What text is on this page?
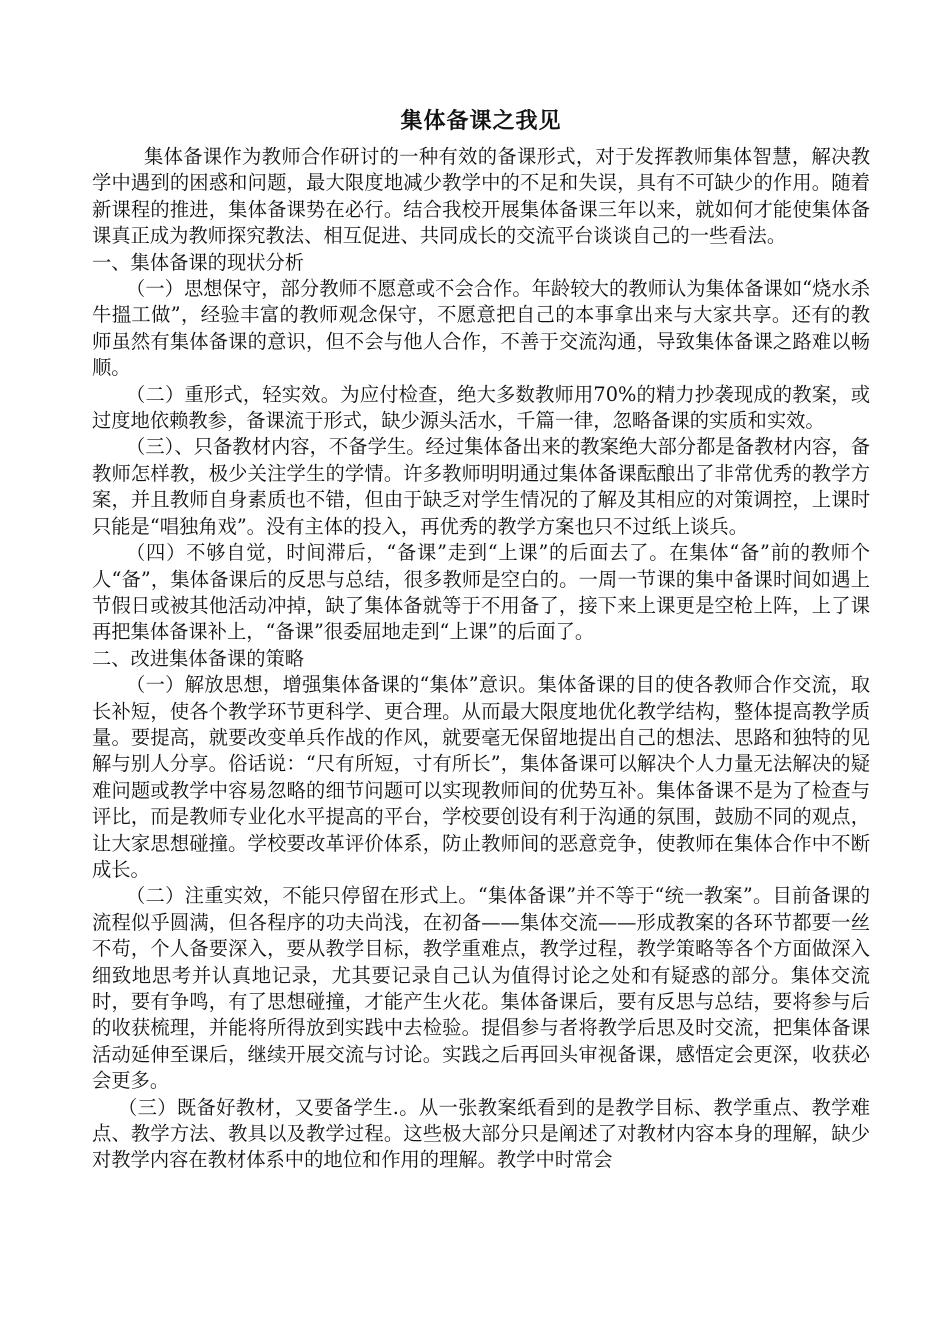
集体备课之我见

集体备课作为教师合作研讨的一种有效的备课形式，对于发挥教师集体智慧，解决教学中遇到的困惑和问题，最大限度地减少教学中的不足和失误，具有不可缺少的作用。随着新课程的推进，集体备课势在必行。结合我校开展集体备课三年以来，就如何才能使集体备课真正成为教师探究教法、相互促进、共同成长的交流平台谈谈自己的一些看法。

一、集体备课的现状分析

（一）思想保守，部分教师不愿意或不会合作。年龄较大的教师认为集体备课如“烧水杀牛搵工做”，经验丰富的教师观念保守，不愿意把自己的本事拿出来与大家共享。还有的教师虽然有集体备课的意识，但不会与他人合作，不善于交流沟通，导致集体备课之路难以畅顺。

（二）重形式，轻实效。为应付检查，绝大多数教师用70%的精力抄袭现成的教案，或过度地依赖教参，备课流于形式，缺少源头活水，千篇一律，忽略备课的实质和实效。

（三）、只备教材内容，不备学生。经过集体备出来的教案绝大部分都是备教材内容，备教师怎样教，极少关注学生的学情。许多教师明明通过集体备课酝酿出了非常优秀的教学方案，并且教师自身素质也不错，但由于缺乏对学生情况的了解及其相应的对策调控，上课时只能是“唱独角戏”。没有主体的投入，再优秀的教学方案也只不过纸上谈兵。

（四）不够自觉，时间滞后，“备课”走到“上课”的后面去了。在集体“备”前的教师个人“备”，集体备课后的反思与总结，很多教师是空白的。一周一节课的集中备课时间如遇上节假日或被其他活动冲掉，缺了集体备就等于不用备了，接下来上课更是空枪上阵，上了课再把集体备课补上，“备课”很委屈地走到“上课”的后面了。

二、改进集体备课的策略

（一）解放思想，增强集体备课的“集体”意识。集体备课的目的使各教师合作交流，取长补短，使各个教学环节更科学、更合理。从而最大限度地优化教学结构，整体提高教学质量。要提高，就要改变单兵作战的作风，就要毫无保留地提出自己的想法、思路和独特的见解与别人分享。俗话说：“尺有所短，寸有所长”，集体备课可以解决个人力量无法解决的疑难问题或教学中容易忽略的细节问题可以实现教师间的优势互补。集体备课不是为了检查与评比，而是教师专业化水平提高的平台，学校要创设有利于沟通的氛围，鼓励不同的观点，让大家思想碰撞。学校要改革评价体系，防止教师间的恶意竞争，使教师在集体合作中不断成长。

（二）注重实效，不能只停留在形式上。“集体备课”并不等于“统一教案”。目前备课的流程似乎圆满，但各程序的功夫尚浅，在初备——集体交流——形成教案的各环节都要一丝不苟，个人备要深入，要从教学目标，教学重难点，教学过程，教学策略等各个方面做深入细致地思考并认真地记录，尤其要记录自己认为值得讨论之处和有疑惑的部分。集体交流时，要有争鸣，有了思想碰撞，才能产生火花。集体备课后，要有反思与总结，要将参与后的收获梳理，并能将所得放到实践中去检验。提倡参与者将教学后思及时交流，把集体备课活动延伸至课后，继续开展交流与讨论。实践之后再回头审视备课，感悟定会更深，收获必会更多。

（三）既备好教材，又要备学生.。从一张教案纸看到的是教学目标、教学重点、教学难点、教学方法、教具以及教学过程。这些极大部分只是阐述了对教材内容本身的理解，缺少对教学内容在教材体系中的地位和作用的理解。教学中时常会
